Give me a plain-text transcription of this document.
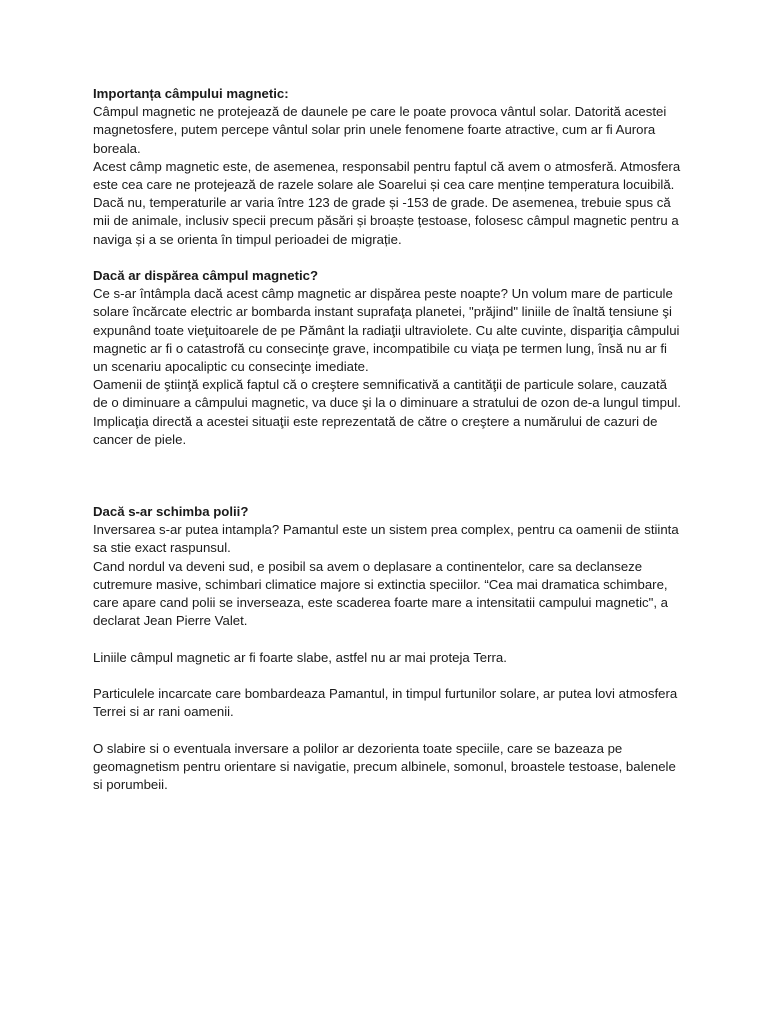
Importanța câmpului magnetic:

Câmpul magnetic ne protejează de daunele pe care le poate provoca vântul solar. Datorită acestei magnetosfere, putem percepe vântul solar prin unele fenomene foarte atractive, cum ar fi Aurora boreala.

Acest câmp magnetic este, de asemenea, responsabil pentru faptul că avem o atmosferă. Atmosfera este cea care ne protejează de razele solare ale Soarelui și cea care menține temperatura locuibilă. Dacă nu, temperaturile ar varia între 123 de grade și -153 de grade. De asemenea, trebuie spus că mii de animale, inclusiv specii precum păsări și broaște țestoase, folosesc câmpul magnetic pentru a naviga și a se orienta în timpul perioadei de migrație.

Dacă ar dispărea câmpul magnetic?

Ce s-ar întâmpla dacă acest câmp magnetic ar dispărea peste noapte? Un volum mare de particule solare încărcate electric ar bombarda instant suprafaţa planetei, "prăjind" liniile de înaltă tensiune şi expunând toate vieţuitoarele de pe Pământ la radiaţii ultraviolete. Cu alte cuvinte, dispariţia câmpului magnetic ar fi o catastrofă cu consecinţe grave, incompatibile cu viaţa pe termen lung, însă nu ar fi un scenariu apocaliptic cu consecinţe imediate.

Oamenii de ştiinţă explică faptul că o creştere semnificativă a cantităţii de particule solare, cauzată de o diminuare a câmpului magnetic, va duce şi la o diminuare a stratului de ozon de-a lungul timpul. Implicaţia directă a acestei situaţii este reprezentată de către o creştere a numărului de cazuri de cancer de piele.

Dacă s-ar schimba polii?

Inversarea s-ar putea intampla? Pamantul este un sistem prea complex, pentru ca oamenii de stiinta sa stie exact raspunsul.

Cand nordul va deveni sud, e posibil sa avem o deplasare a continentelor, care sa declanseze cutremure masive, schimbari climatice majore si extinctia speciilor. “Cea mai dramatica schimbare, care apare cand polii se inverseaza, este scaderea foarte mare a intensitatii campului magnetic", a declarat Jean Pierre Valet.

Liniile câmpul magnetic ar fi foarte slabe, astfel nu ar mai proteja Terra.

Particulele incarcate care bombardeaza Pamantul, in timpul furtunilor solare, ar putea lovi atmosfera Terrei si ar rani oamenii.

O slabire si o eventuala inversare a polilor ar dezorienta toate speciile, care se bazeaza pe geomagnetism pentru orientare si navigatie, precum albinele, somonul, broastele testoase, balenele si porumbeii.
